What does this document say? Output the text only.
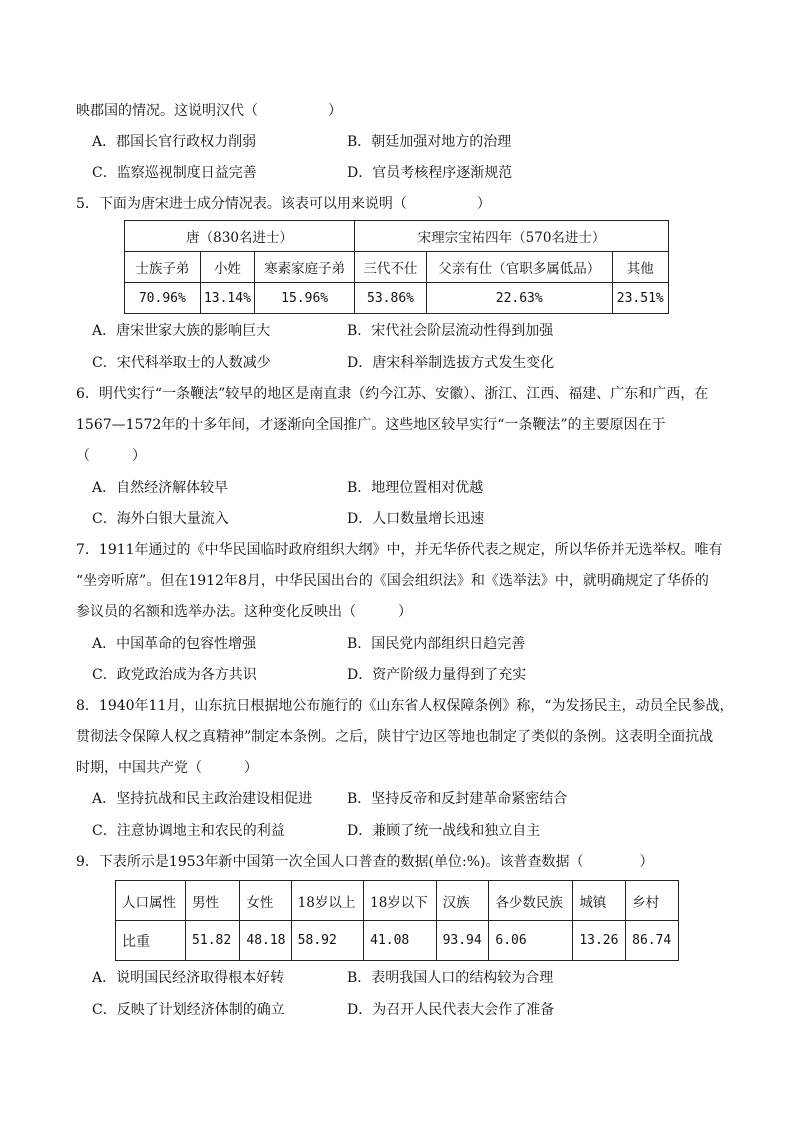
映郡国的情况。这说明汉代（　　　　　）
A．郡国长官行政权力削弱	B．朝廷加强对地方的治理
C．监察巡视制度日益完善	D．官员考核程序逐渐规范
5．下面为唐宋进士成分情况表。该表可以用来说明（　　　　　）
唐（830名进士）			宋理宗宝祐四年（570名进士）		
士族子弟	小姓	寒素家庭子弟	三代不仕	父亲有仕（官职多属低品）	其他
70.96%	13.14%	15.96%	53.86%	22.63%	23.51%
A．唐宋世家大族的影响巨大	B．宋代社会阶层流动性得到加强
C．宋代科举取士的人数减少	D．唐宋科举制选拔方式发生变化
6．明代实行“一条鞭法”较早的地区是南直隶（约今江苏、安徽）、浙江、江西、福建、广东和广西，在
1567—1572年的十多年间，才逐渐向全国推广。这些地区较早实行“一条鞭法”的主要原因在于
（　　　）
A．自然经济解体较早	B．地理位置相对优越
C．海外白银大量流入	D．人口数量增长迅速
7．1911年通过的《中华民国临时政府组织大纲》中，并无华侨代表之规定，所以华侨并无选举权。唯有
“坐旁听席”。但在1912年8月，中华民国出台的《国会组织法》和《选举法》中，就明确规定了华侨的
参议员的名额和选举办法。这种变化反映出（　　　）
A．中国革命的包容性增强	B．国民党内部组织日趋完善
C．政党政治成为各方共识	D．资产阶级力量得到了充实
8．1940年11月，山东抗日根据地公布施行的《山东省人权保障条例》称，“为发扬民主，动员全民参战，
贯彻法令保障人权之真精神”制定本条例。之后，陕甘宁边区等地也制定了类似的条例。这表明全面抗战
时期，中国共产党（　　　）
A．坚持抗战和民主政治建设相促进 B．坚持反帝和反封建革命紧密结合
C．注意协调地主和农民的利益	D．兼顾了统一战线和独立自主
9．下表所示是1953年新中国第一次全国人口普查的数据(单位:%)。该普查数据（　　　　）
人口属性	男性	女性	18岁以上	18岁以下	汉族	各少数民族	城镇	乡村
比重	51.82	48.18	58.92	41.08	93.94	6.06	13.26	86.74
A．说明国民经济取得根本好转	B．表明我国人口的结构较为合理
C．反映了计划经济体制的确立	D．为召开人民代表大会作了准备
